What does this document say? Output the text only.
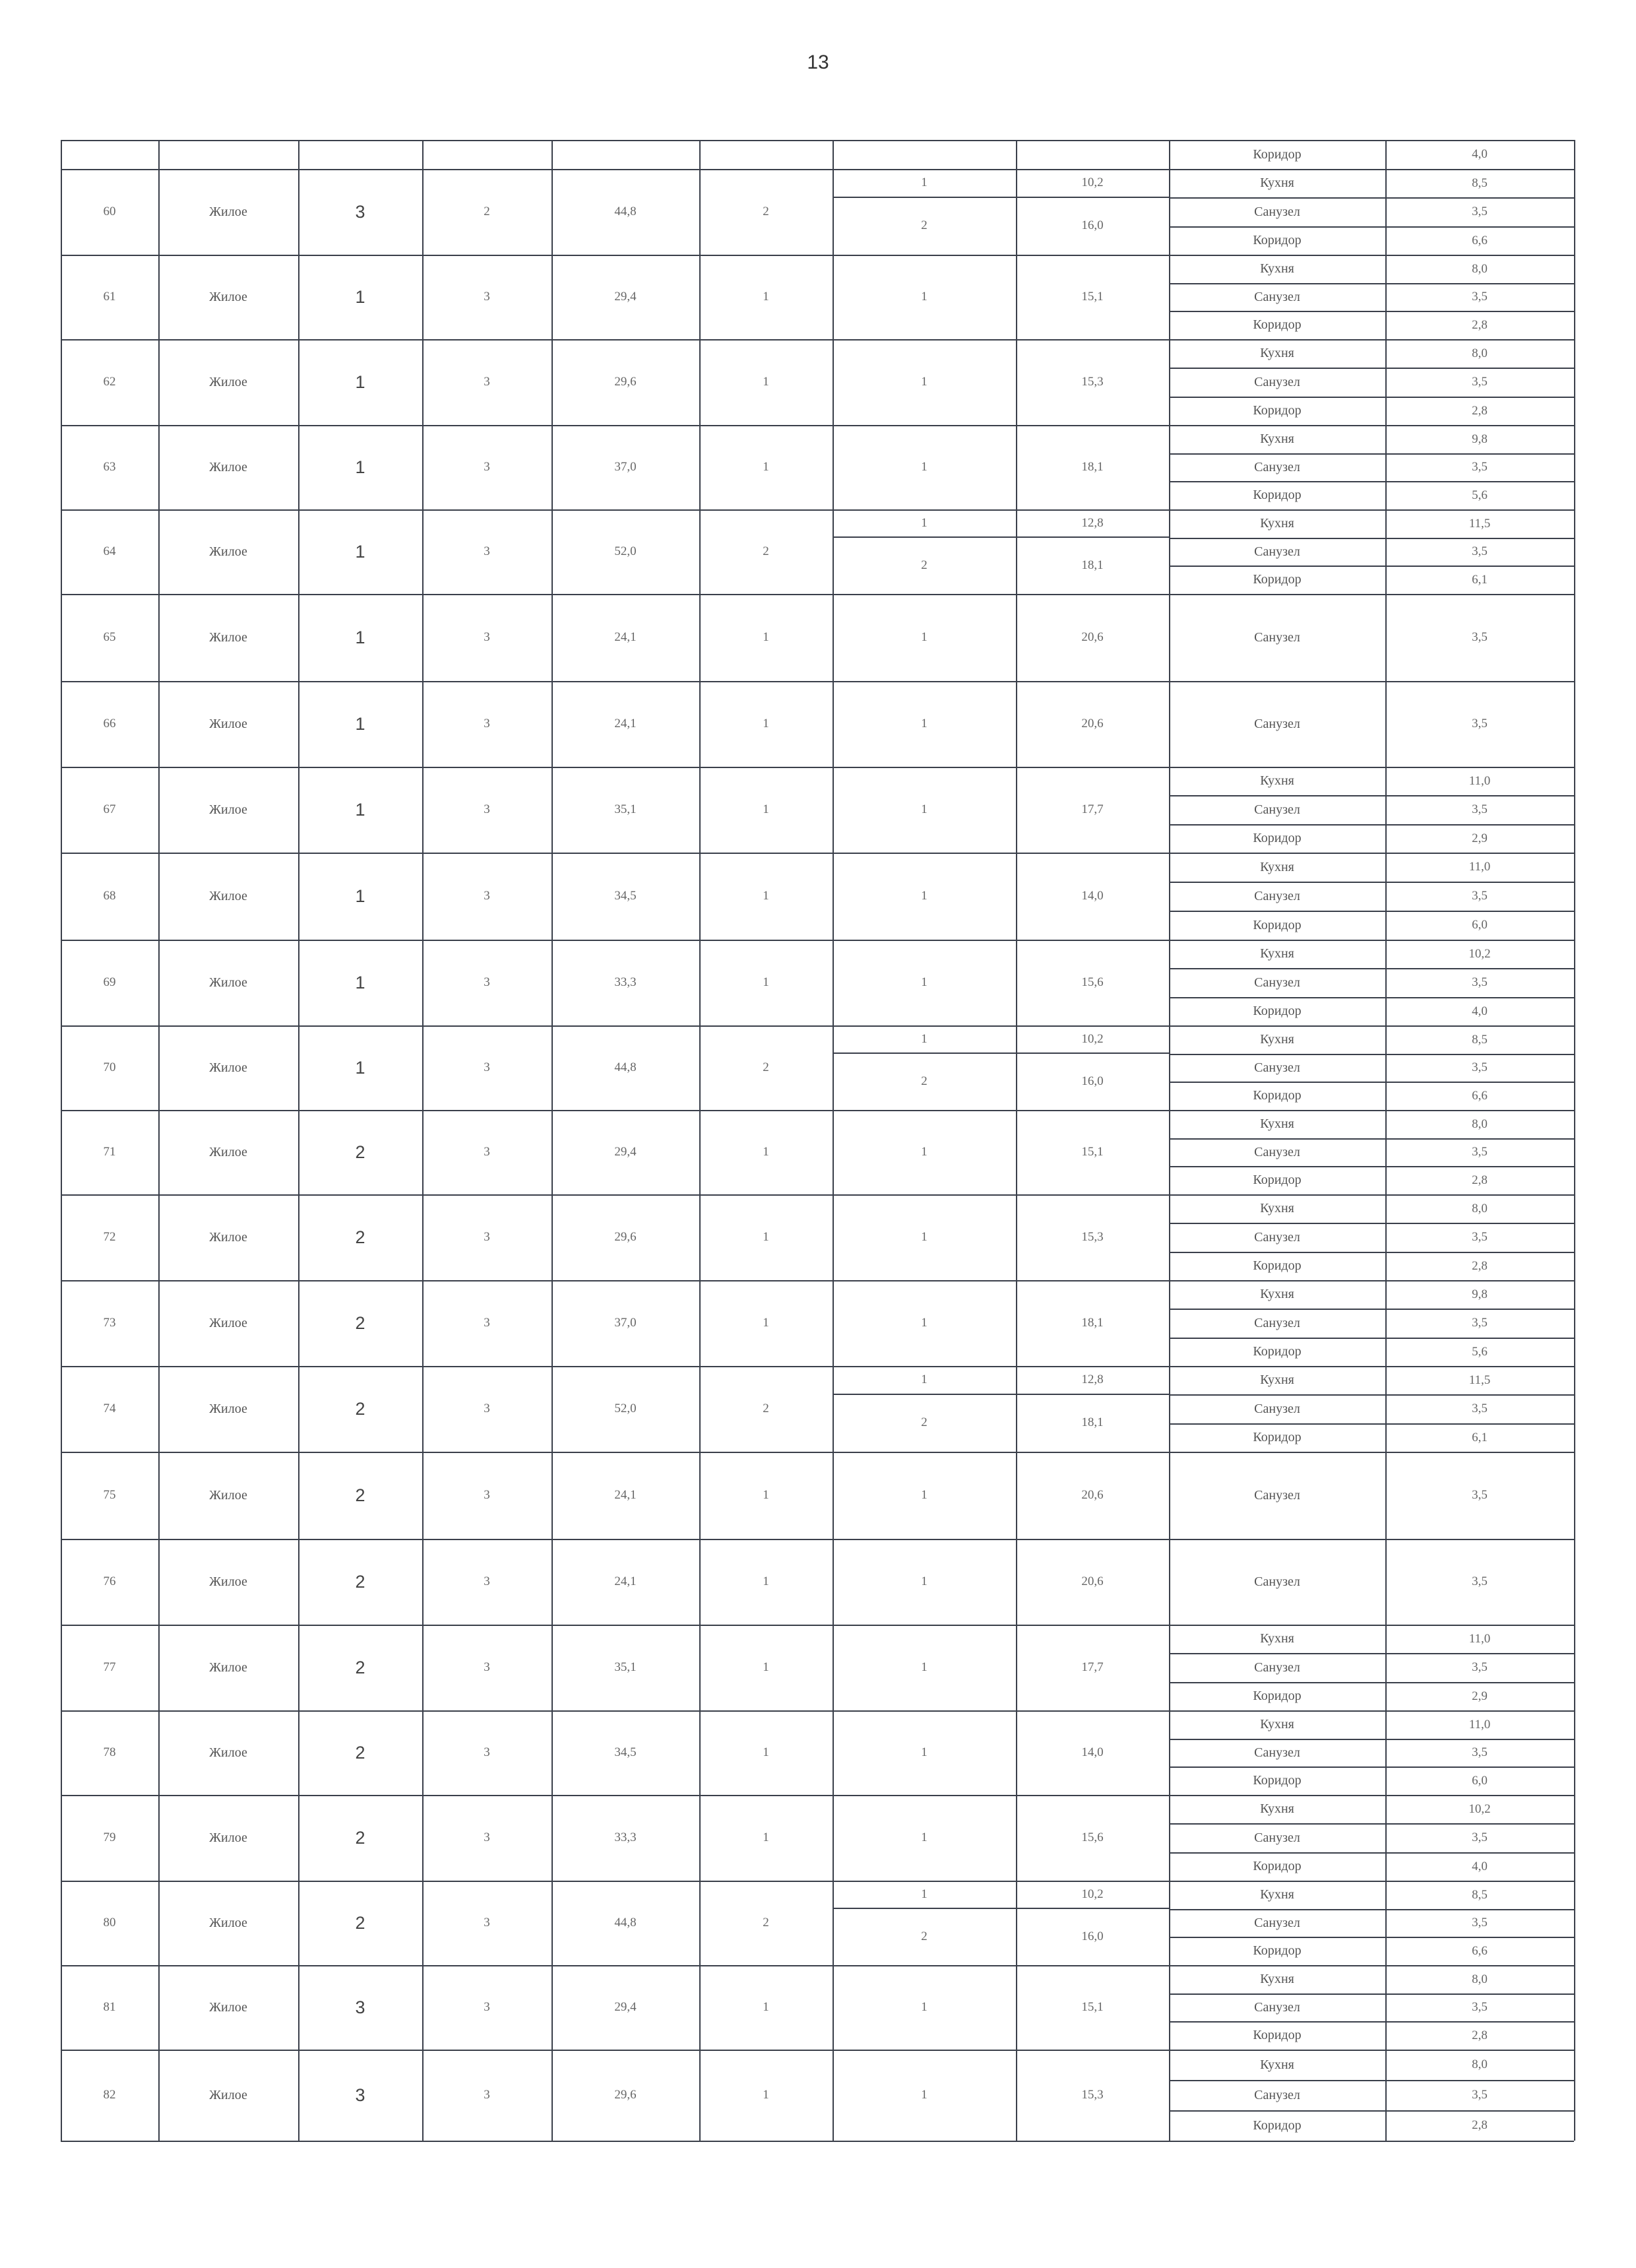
13
Коридор	4,0
60	Жилое	3	2	44,8	2
1	10,2
2	16,0
Кухня	8,5
Санузел	3,5
Коридор	6,6
61	Жилое	1	3	29,4	1	1	15,1
Кухня	8,0
Санузел	3,5
Коридор	2,8
62	Жилое	1	3	29,6	1	1	15,3
Кухня	8,0
Санузел	3,5
Коридор	2,8
63	Жилое	1	3	37,0	1	1	18,1
Кухня	9,8
Санузел	3,5
Коридор	5,6
64	Жилое	1	3	52,0	2
1	12,8
2	18,1
Кухня	11,5
Санузел	3,5
Коридор	6,1
65	Жилое	1	3	24,1	1	1	20,6	Санузел	3,5
66	Жилое	1	3	24,1	1	1	20,6	Санузел	3,5
67	Жилое	1	3	35,1	1	1	17,7
Кухня	11,0
Санузел	3,5
Коридор	2,9
68	Жилое	1	3	34,5	1	1	14,0
Кухня	11,0
Санузел	3,5
Коридор	6,0
69	Жилое	1	3	33,3	1	1	15,6
Кухня	10,2
Санузел	3,5
Коридор	4,0
70	Жилое	1	3	44,8	2
1	10,2
2	16,0
Кухня	8,5
Санузел	3,5
Коридор	6,6
71	Жилое	2	3	29,4	1	1	15,1
Кухня	8,0
Санузел	3,5
Коридор	2,8
72	Жилое	2	3	29,6	1	1	15,3
Кухня	8,0
Санузел	3,5
Коридор	2,8
73	Жилое	2	3	37,0	1	1	18,1
Кухня	9,8
Санузел	3,5
Коридор	5,6
74	Жилое	2	3	52,0	2
1	12,8
2	18,1
Кухня	11,5
Санузел	3,5
Коридор	6,1
75	Жилое	2	3	24,1	1	1	20,6	Санузел	3,5
76	Жилое	2	3	24,1	1	1	20,6	Санузел	3,5
77	Жилое	2	3	35,1	1	1	17,7
Кухня	11,0
Санузел	3,5
Коридор	2,9
78	Жилое	2	3	34,5	1	1	14,0
Кухня	11,0
Санузел	3,5
Коридор	6,0
79	Жилое	2	3	33,3	1	1	15,6
Кухня	10,2
Санузел	3,5
Коридор	4,0
80	Жилое	2	3	44,8	2
1	10,2
2	16,0
Кухня	8,5
Санузел	3,5
Коридор	6,6
81	Жилое	3	3	29,4	1	1	15,1
Кухня	8,0
Санузел	3,5
Коридор	2,8
82	Жилое	3	3	29,6	1	1	15,3
Кухня	8,0
Санузел	3,5
Коридор	2,8
